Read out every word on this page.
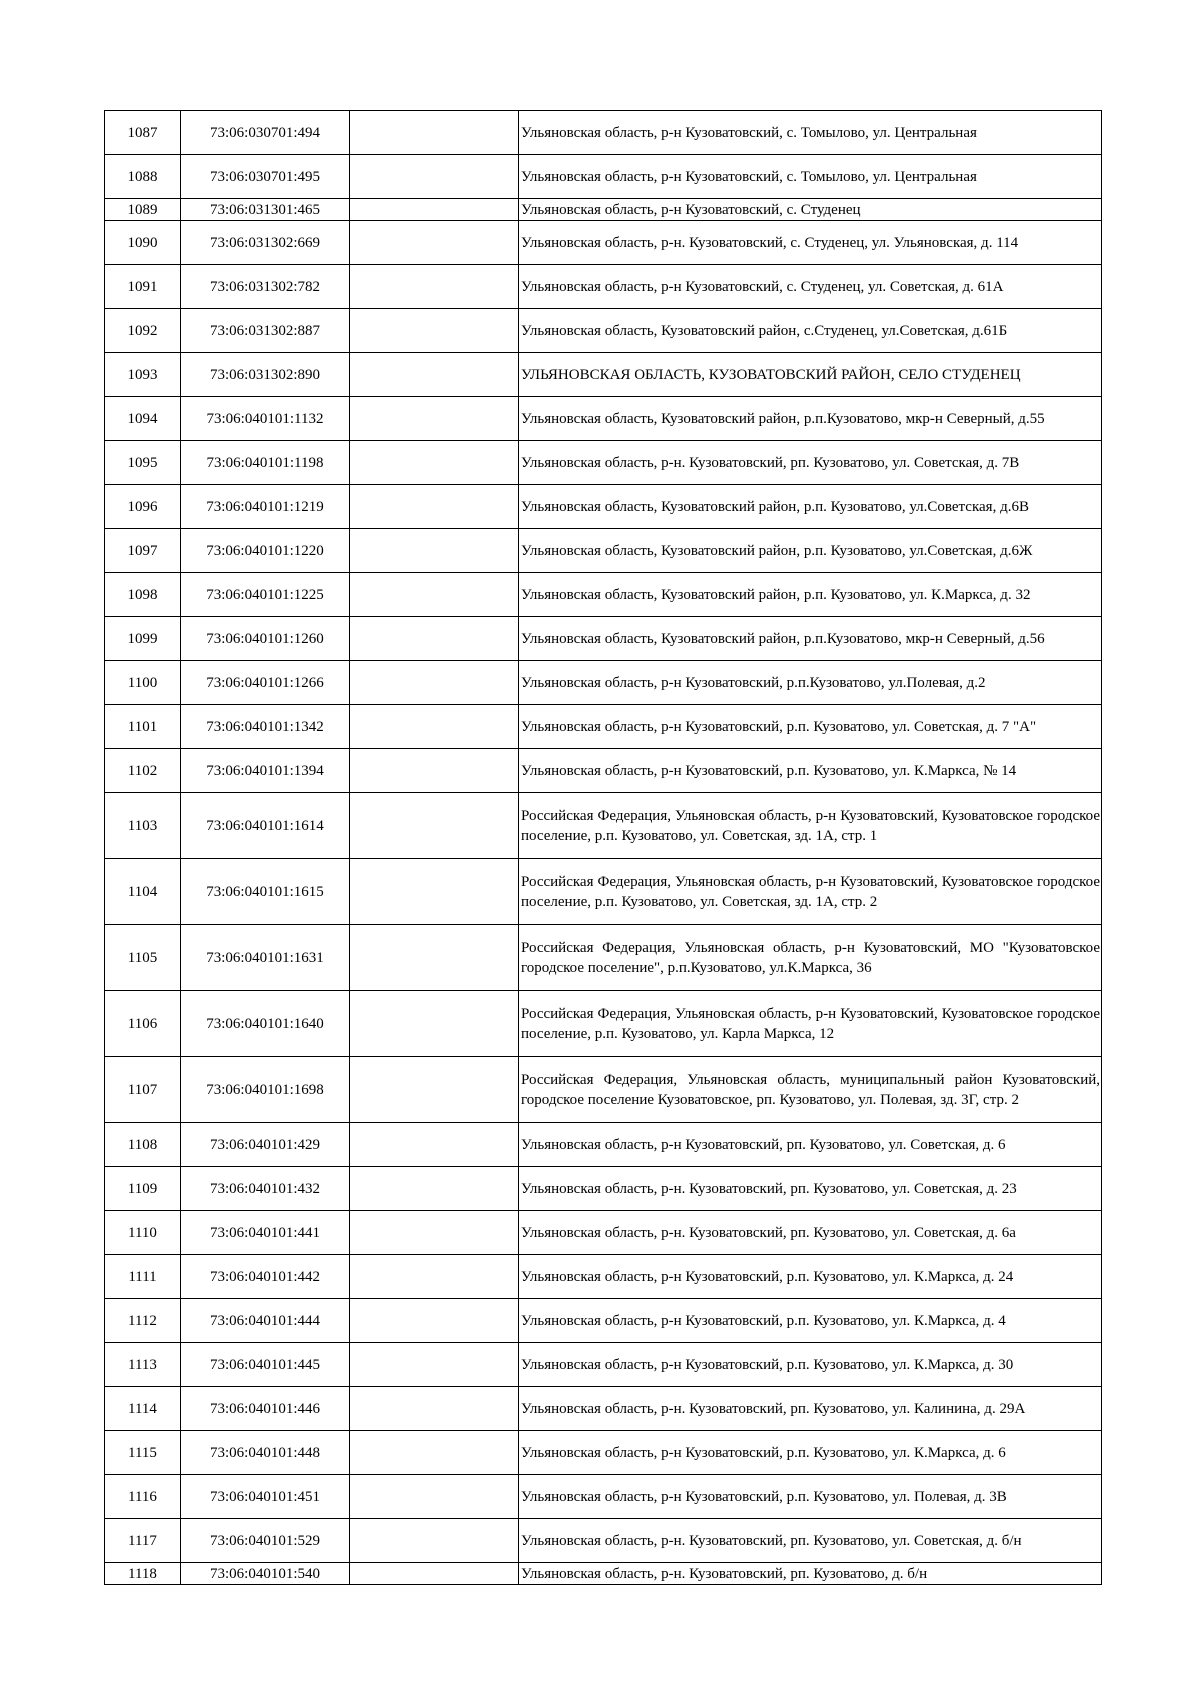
1087	73:06:030701:494		Ульяновская область, р-н Кузоватовский, с. Томылово, ул. Центральная
1088	73:06:030701:495		Ульяновская область, р-н Кузоватовский, с. Томылово, ул. Центральная
1089	73:06:031301:465		Ульяновская область, р-н Кузоватовский, с. Студенец
1090	73:06:031302:669		Ульяновская область, р-н. Кузоватовский, с. Студенец, ул. Ульяновская, д. 114
1091	73:06:031302:782		Ульяновская область, р-н Кузоватовский, с. Студенец, ул. Советская, д. 61А
1092	73:06:031302:887		Ульяновская область, Кузоватовский район, с.Студенец, ул.Советская, д.61Б
1093	73:06:031302:890		УЛЬЯНОВСКАЯ ОБЛАСТЬ, КУЗОВАТОВСКИЙ РАЙОН, СЕЛО СТУДЕНЕЦ
1094	73:06:040101:1132		Ульяновская область, Кузоватовский район, р.п.Кузоватово, мкр-н Северный, д.55
1095	73:06:040101:1198		Ульяновская область, р-н. Кузоватовский, рп. Кузоватово, ул. Советская, д. 7В
1096	73:06:040101:1219		Ульяновская область, Кузоватовский район, р.п. Кузоватово, ул.Советская, д.6В
1097	73:06:040101:1220		Ульяновская область, Кузоватовский район, р.п. Кузоватово, ул.Советская, д.6Ж
1098	73:06:040101:1225		Ульяновская область, Кузоватовский район, р.п. Кузоватово, ул. К.Маркса, д. 32
1099	73:06:040101:1260		Ульяновская область, Кузоватовский район, р.п.Кузоватово, мкр-н Северный, д.56
1100	73:06:040101:1266		Ульяновская область, р-н Кузоватовский, р.п.Кузоватово, ул.Полевая, д.2
1101	73:06:040101:1342		Ульяновская область, р-н Кузоватовский, р.п. Кузоватово, ул. Советская, д. 7 "А"
1102	73:06:040101:1394		Ульяновская область, р-н Кузоватовский, р.п. Кузоватово, ул. К.Маркса, № 14
1103	73:06:040101:1614		Российская Федерация, Ульяновская область, р-н Кузоватовский, Кузоватовское городское поселение, р.п. Кузоватово, ул. Советская, зд. 1А, стр. 1
1104	73:06:040101:1615		Российская Федерация, Ульяновская область, р-н Кузоватовский, Кузоватовское городское поселение, р.п. Кузоватово, ул. Советская, зд. 1А, стр. 2
1105	73:06:040101:1631		Российская Федерация, Ульяновская область, р-н Кузоватовский, МО "Кузоватовское городское поселение", р.п.Кузоватово, ул.К.Маркса, 36
1106	73:06:040101:1640		Российская Федерация, Ульяновская область, р-н Кузоватовский, Кузоватовское городское поселение, р.п. Кузоватово, ул. Карла Маркса, 12
1107	73:06:040101:1698		Российская Федерация, Ульяновская область, муниципальный район Кузоватовский, городское поселение Кузоватовское, рп. Кузоватово, ул. Полевая, зд. 3Г, стр. 2
1108	73:06:040101:429		Ульяновская область, р-н Кузоватовский, рп. Кузоватово, ул. Советская, д. 6
1109	73:06:040101:432		Ульяновская область, р-н. Кузоватовский, рп. Кузоватово, ул. Советская, д. 23
1110	73:06:040101:441		Ульяновская область, р-н. Кузоватовский, рп. Кузоватово, ул. Советская, д. 6а
1111	73:06:040101:442		Ульяновская область, р-н Кузоватовский, р.п. Кузоватово, ул. К.Маркса, д. 24
1112	73:06:040101:444		Ульяновская область, р-н Кузоватовский, р.п. Кузоватово, ул. К.Маркса, д. 4
1113	73:06:040101:445		Ульяновская область, р-н Кузоватовский, р.п. Кузоватово, ул. К.Маркса, д. 30
1114	73:06:040101:446		Ульяновская область, р-н. Кузоватовский, рп. Кузоватово, ул. Калинина, д. 29А
1115	73:06:040101:448		Ульяновская область, р-н Кузоватовский, р.п. Кузоватово, ул. К.Маркса, д. 6
1116	73:06:040101:451		Ульяновская область, р-н Кузоватовский, р.п. Кузоватово, ул. Полевая, д. 3В
1117	73:06:040101:529		Ульяновская область, р-н. Кузоватовский, рп. Кузоватово, ул. Советская, д. б/н
1118	73:06:040101:540		Ульяновская область, р-н. Кузоватовский, рп. Кузоватово, д. б/н
